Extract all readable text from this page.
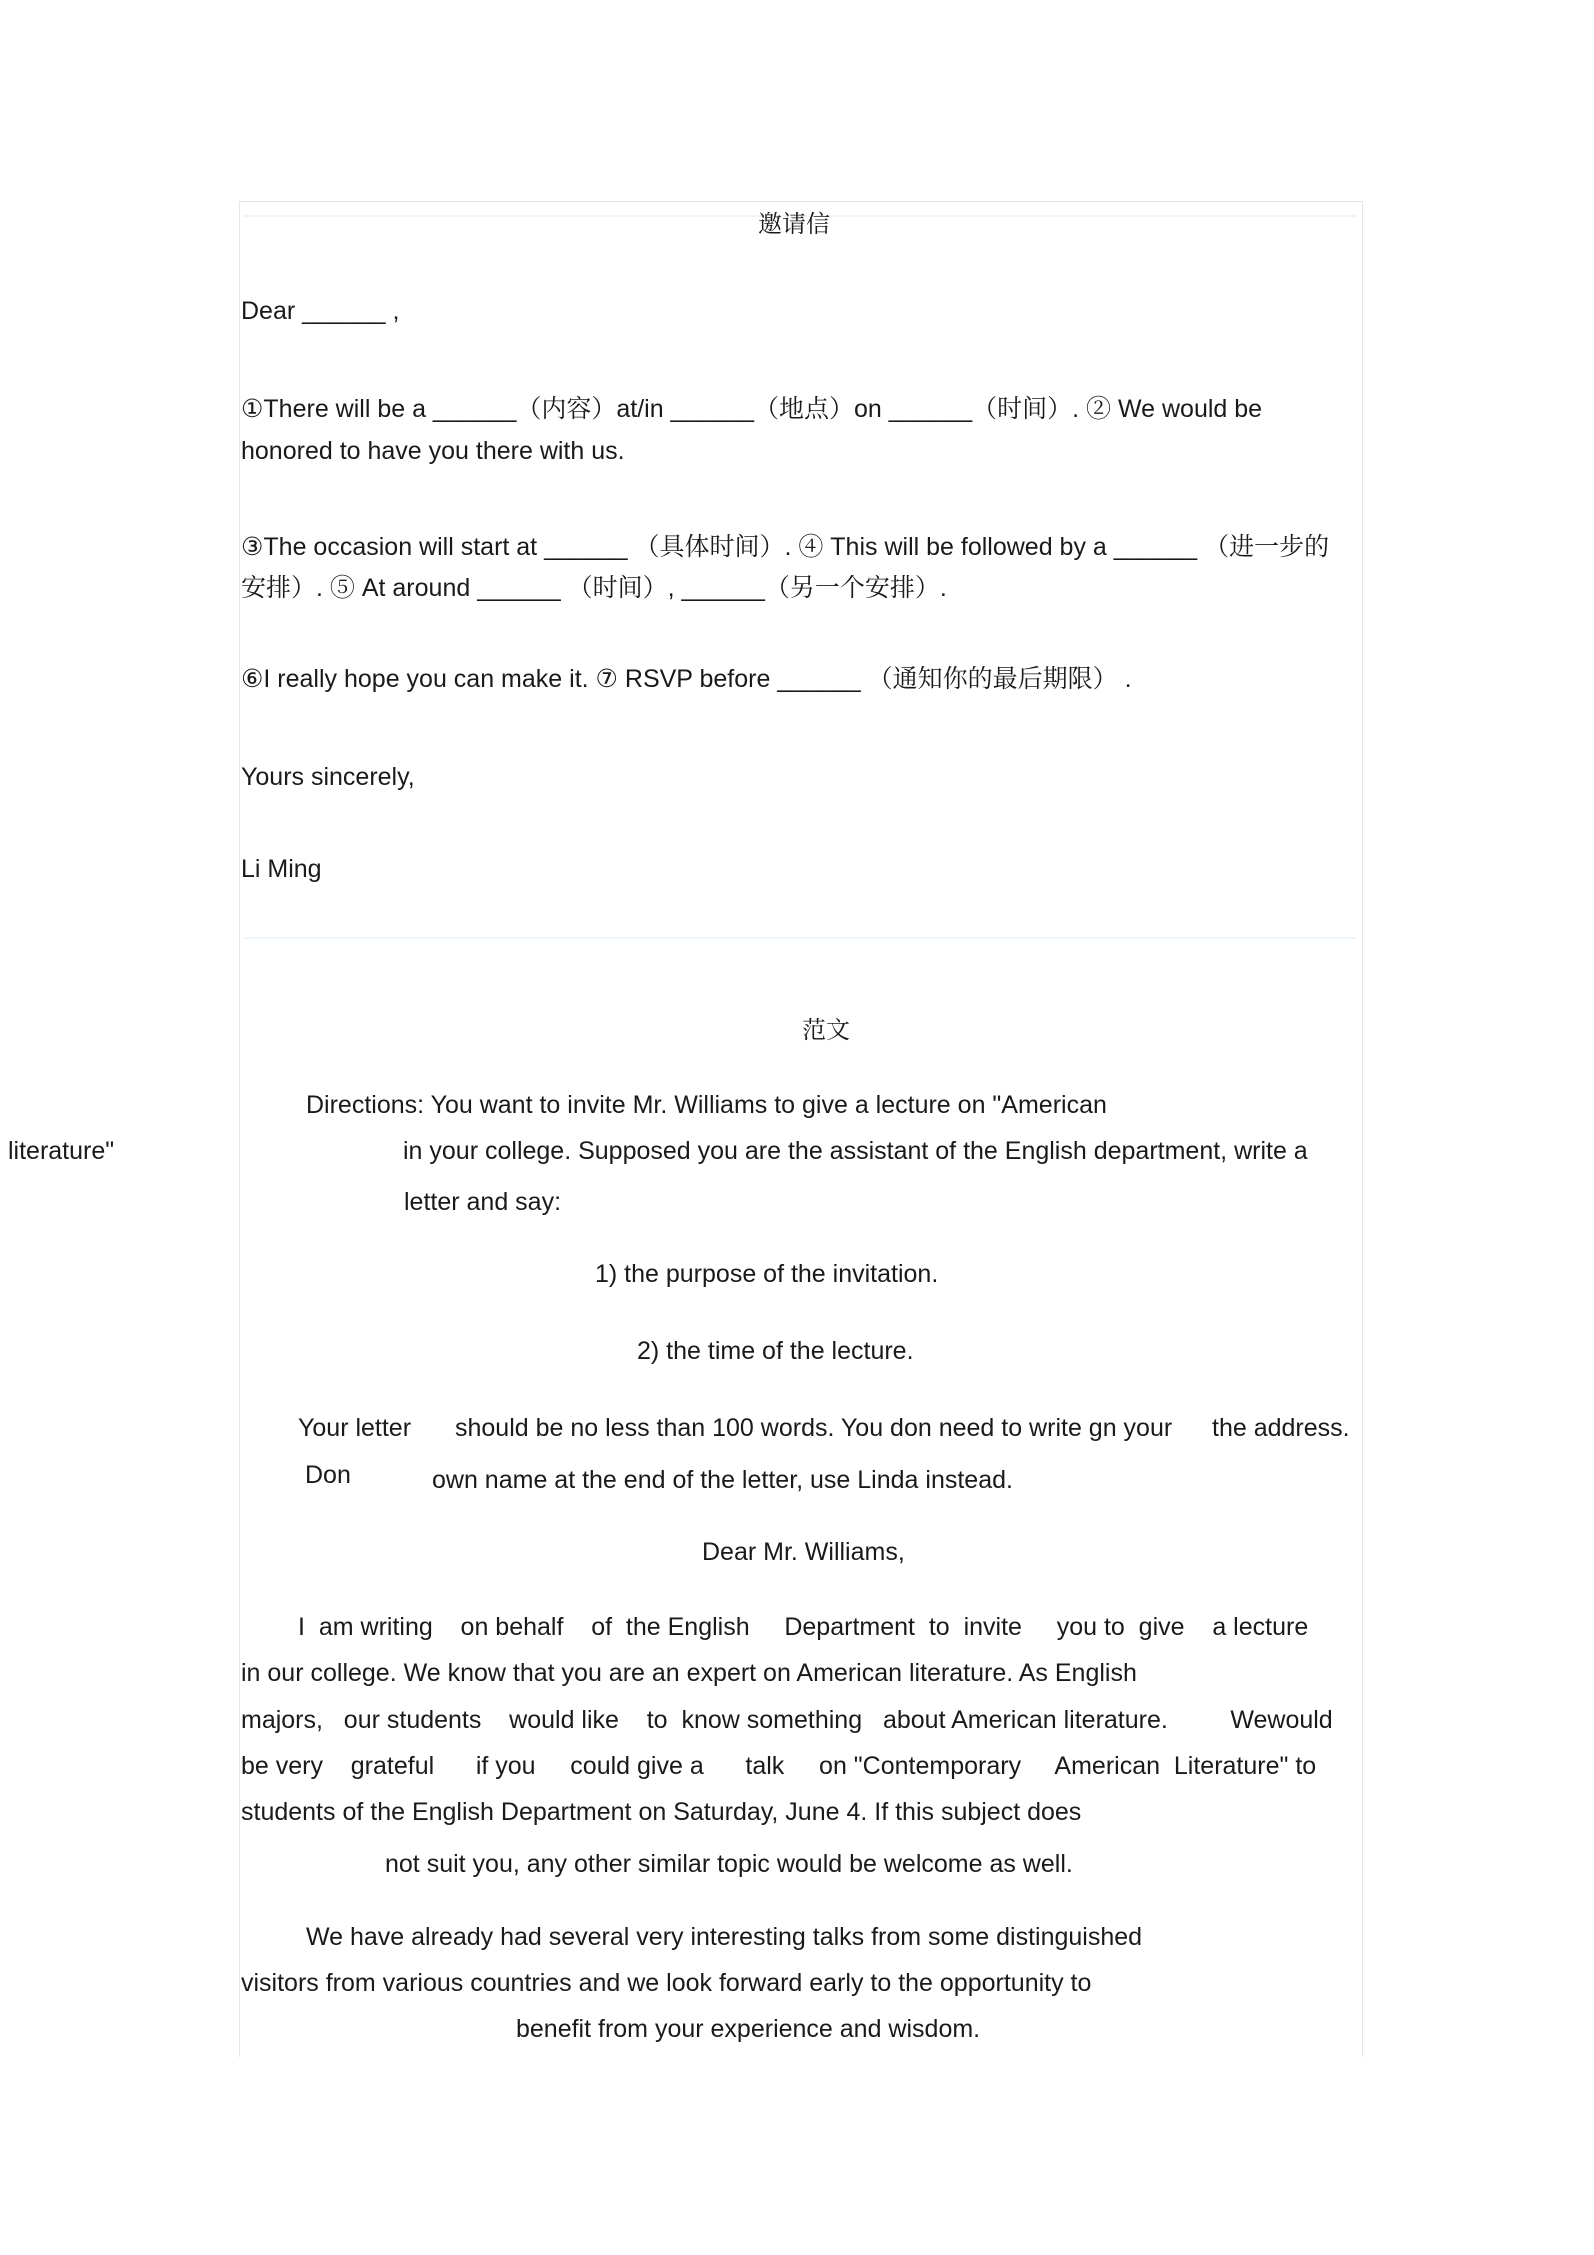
邀请信
Dear ______ ,
①There will be a ______（内容）at/in ______（地点）on ______（时间）. ② We would be
honored to have you there with us.
③The occasion will start at ______ （具体时间）. ④ This will be followed by a ______ （进一步的
安排）. ⑤ At around ______ （时间）, ______（另一个安排）.
⑥I really hope you can make it. ⑦ RSVP before ______ （通知你的最后期限） .
Yours sincerely,
Li Ming
范文
Directions: You want to invite Mr. Williams to give a lecture on "American
literature"	in your college. Supposed you are the assistant of the English department, write a
letter and say:
1) the purpose of the invitation.
2) the time of the lecture.
Your letter should be no less than 100 words. You don need to write gn your the address.
Don	own name at the end of the letter, use Linda instead.
Dear Mr. Williams,
I  am writing    on behalf    of  the English     Department  to  invite     you to  give    a lecture
in our college. We know that you are an expert on American literature. As English
majors,   our students    would like    to  know something   about American literature.         Wewould
be very    grateful      if you     could give a      talk     on "Contemporary     American  Literature" to
students of the English Department on Saturday, June 4. If this subject does
not suit you, any other similar topic would be welcome as well.
We have already had several very interesting talks from some distinguished
visitors from various countries and we look forward early to the opportunity to
benefit from your experience and wisdom.
